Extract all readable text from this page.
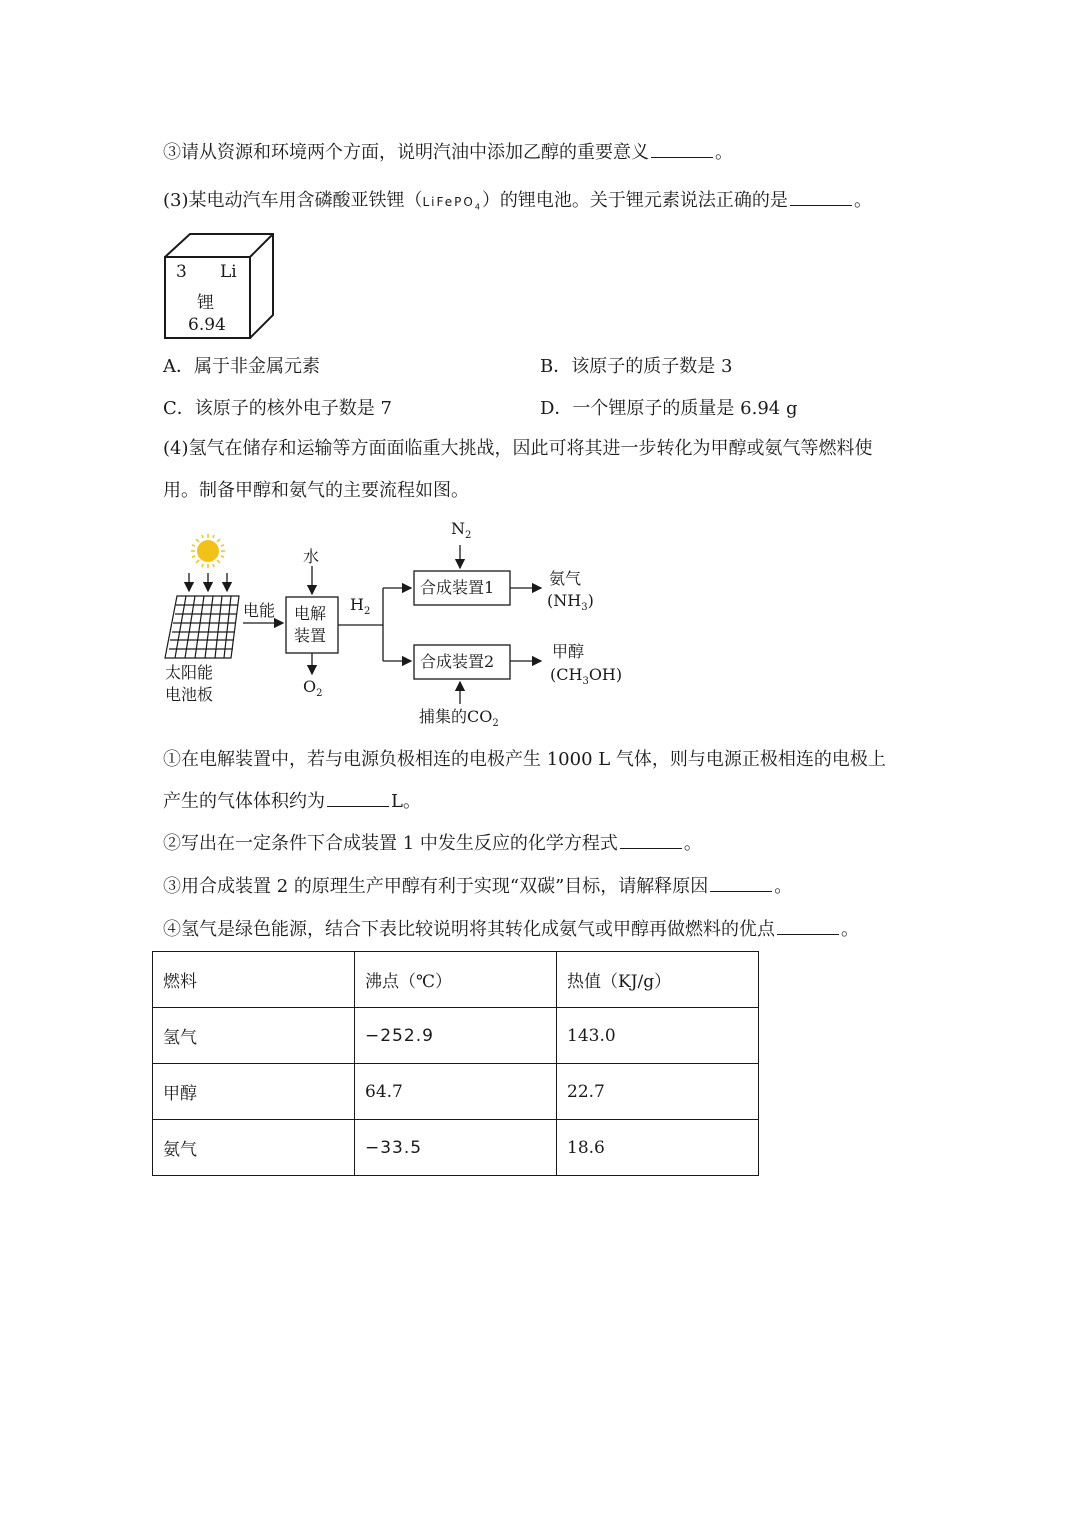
③请从资源和环境两个方面，说明汽油中添加乙醇的重要意义	。
(3)某电动汽车用含磷酸亚铁锂（LiFePO$_4$）的锂电池。关于锂元素说法正确的是	。
3 Li
锂
6.94
A．属于非金属元素	B．该原子的质子数是 3
C．该原子的核外电子数是 7	D．一个锂原子的质量是 6.94 g
(4)氢气在储存和运输等方面面临重大挑战，因此可将其进一步转化为甲醇或氨气等燃料使
用。制备甲醇和氨气的主要流程如图。
太阳能
电池板
电能
水
电解
装置
$O_2$
$H_2$
$N_2$
合成装置1
合成装置2
氨气
$(NH_3)$
甲醇
$(CH_3OH)$
捕集的$CO_2$
①在电解装置中，若与电源负极相连的电极产生 1000 L 气体，则与电源正极相连的电极上
产生的气体体积约为	L。
②写出在一定条件下合成装置 1 中发生反应的化学方程式	。
③用合成装置 2 的原理生产甲醇有利于实现“双碳”目标，请解释原因	。
④氢气是绿色能源，结合下表比较说明将其转化成氨气或甲醇再做燃料的优点	。
燃料	沸点（℃）	热值（KJ/g）
氢气	−252.9	143.0
甲醇	64.7	22.7
氨气	−33.5	18.6
